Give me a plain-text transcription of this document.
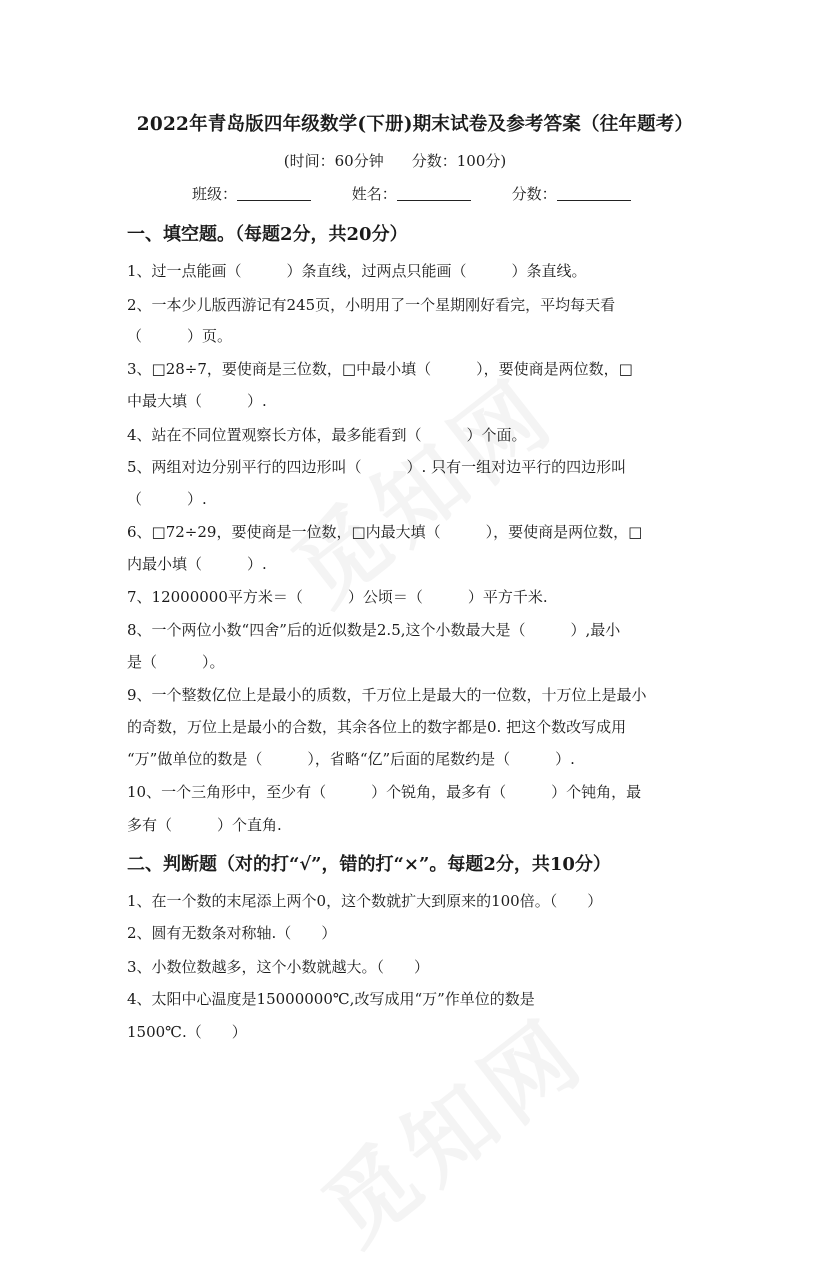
2022年青岛版四年级数学(下册)期末试卷及参考答案（往年题考）
(时间：60分钟 分数：100分)
班级：	姓名：	分数：
一、填空题。（每题2分，共20分）
1、过一点能画（　　　）条直线，过两点只能画（　　　）条直线。
2、一本少儿版西游记有245页，小明用了一个星期刚好看完，平均每天看
（　　　）页。
3、□28÷7，要使商是三位数，□中最小填（　　　），要使商是两位数，□
中最大填（　　　）.
4、站在不同位置观察长方体，最多能看到（　　　）个面。
5、两组对边分别平行的四边形叫（　　　）. 只有一组对边平行的四边形叫
（　　　）.
6、□72÷29，要使商是一位数，□内最大填（　　　），要使商是两位数，□
内最小填（　　　）.
7、12000000平方米＝（　　　）公顷＝（　　　）平方千米.
8、一个两位小数“四舍”后的近似数是2.5,这个小数最大是（　　　）,最小
是（　　　）。
9、一个整数亿位上是最小的质数，千万位上是最大的一位数，十万位上是最小
的奇数，万位上是最小的合数，其余各位上的数字都是0. 把这个数改写成用
“万”做单位的数是（　　　），省略“亿”后面的尾数约是（　　　）.
10、一个三角形中，至少有（　　　）个锐角，最多有（　　　）个钝角，最
多有（　　　）个直角.
二、判断题（对的打“√”，错的打“×”。每题2分，共10分）
1、在一个数的末尾添上两个0，这个数就扩大到原来的100倍。（　　）
2、圆有无数条对称轴.（　　）
3、小数位数越多，这个小数就越大。（　　）
4、太阳中心温度是15000000℃,改写成用“万”作单位的数是
1500℃.（　　）
